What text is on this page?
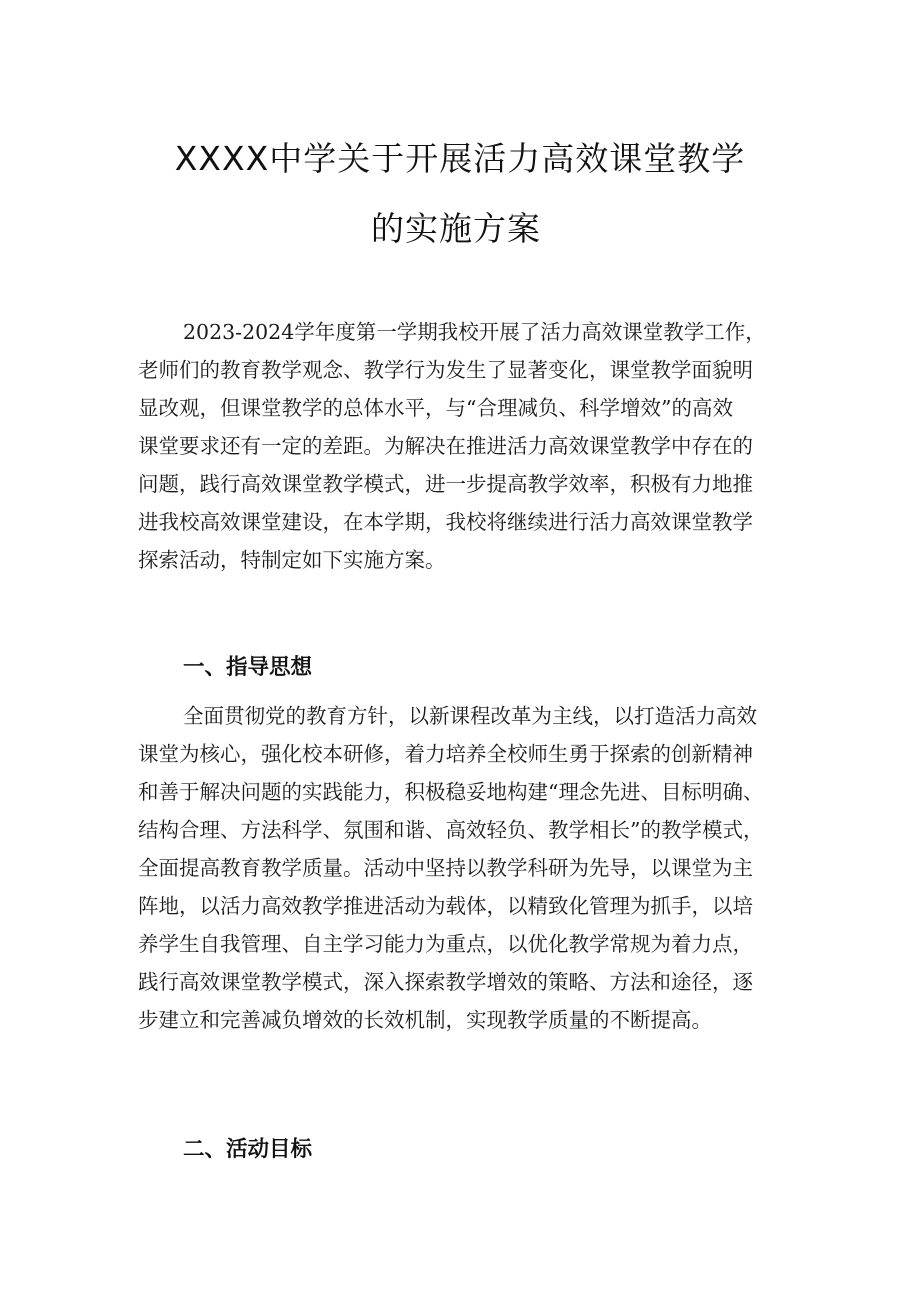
XXXX中学关于开展活力高效课堂教学
的实施方案
2023-2024学年度第一学期我校开展了活力高效课堂教学工作，
老师们的教育教学观念、教学行为发生了显著变化，课堂教学面貌明
显改观，但课堂教学的总体水平，与“合理减负、科学增效”的高效
课堂要求还有一定的差距。为解决在推进活力高效课堂教学中存在的
问题，践行高效课堂教学模式，进一步提高教学效率，积极有力地推
进我校高效课堂建设，在本学期，我校将继续进行活力高效课堂教学
探索活动，特制定如下实施方案。
一、指导思想
全面贯彻党的教育方针，以新课程改革为主线，以打造活力高效
课堂为核心，强化校本研修，着力培养全校师生勇于探索的创新精神
和善于解决问题的实践能力，积极稳妥地构建“理念先进、目标明确、
结构合理、方法科学、氛围和谐、高效轻负、教学相长”的教学模式，
全面提高教育教学质量。活动中坚持以教学科研为先导，以课堂为主
阵地，以活力高效教学推进活动为载体，以精致化管理为抓手，以培
养学生自我管理、自主学习能力为重点，以优化教学常规为着力点，
践行高效课堂教学模式，深入探索教学增效的策略、方法和途径，逐
步建立和完善减负增效的长效机制，实现教学质量的不断提高。
二、活动目标
